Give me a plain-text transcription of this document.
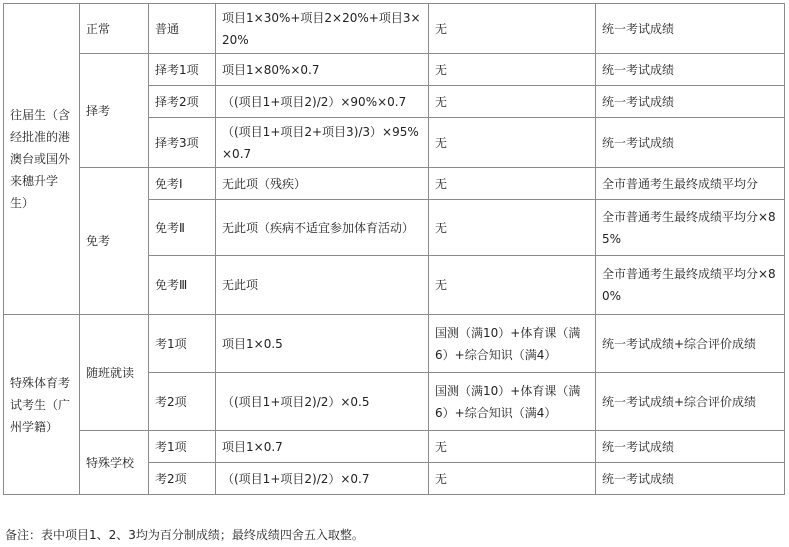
往届生（含经批准的港澳台或国外来穗升学生）	正常	普通	项目1×30%+项目2×20%+项目3×20%	无	统一考试成绩
	择考	择考1项	项目1×80%×0.7	无	统一考试成绩
		择考2项	（(项目1+项目2)/2）×90%×0.7	无	统一考试成绩
		择考3项	（(项目1+项目2+项目3)/3）×95%×0.7	无	统一考试成绩
	免考	免考Ⅰ	无此项（残疾）	无	全市普通考生最终成绩平均分
		免考Ⅱ	无此项（疾病不适宜参加体育活动）	无	全市普通考生最终成绩平均分×85%
		免考Ⅲ	无此项	无	全市普通考生最终成绩平均分×80%
特殊体育考试考生（广州学籍）	随班就读	考1项	项目1×0.5	国测（满10）+体育课（满6）+综合知识（满4）	统一考试成绩+综合评价成绩
		考2项	（(项目1+项目2)/2）×0.5	国测（满10）+体育课（满6）+综合知识（满4）	统一考试成绩+综合评价成绩
	特殊学校	考1项	项目1×0.7	无	统一考试成绩
		考2项	（(项目1+项目2)/2）×0.7	无	统一考试成绩
备注：表中项目1、2、3均为百分制成绩；最终成绩四舍五入取整。
